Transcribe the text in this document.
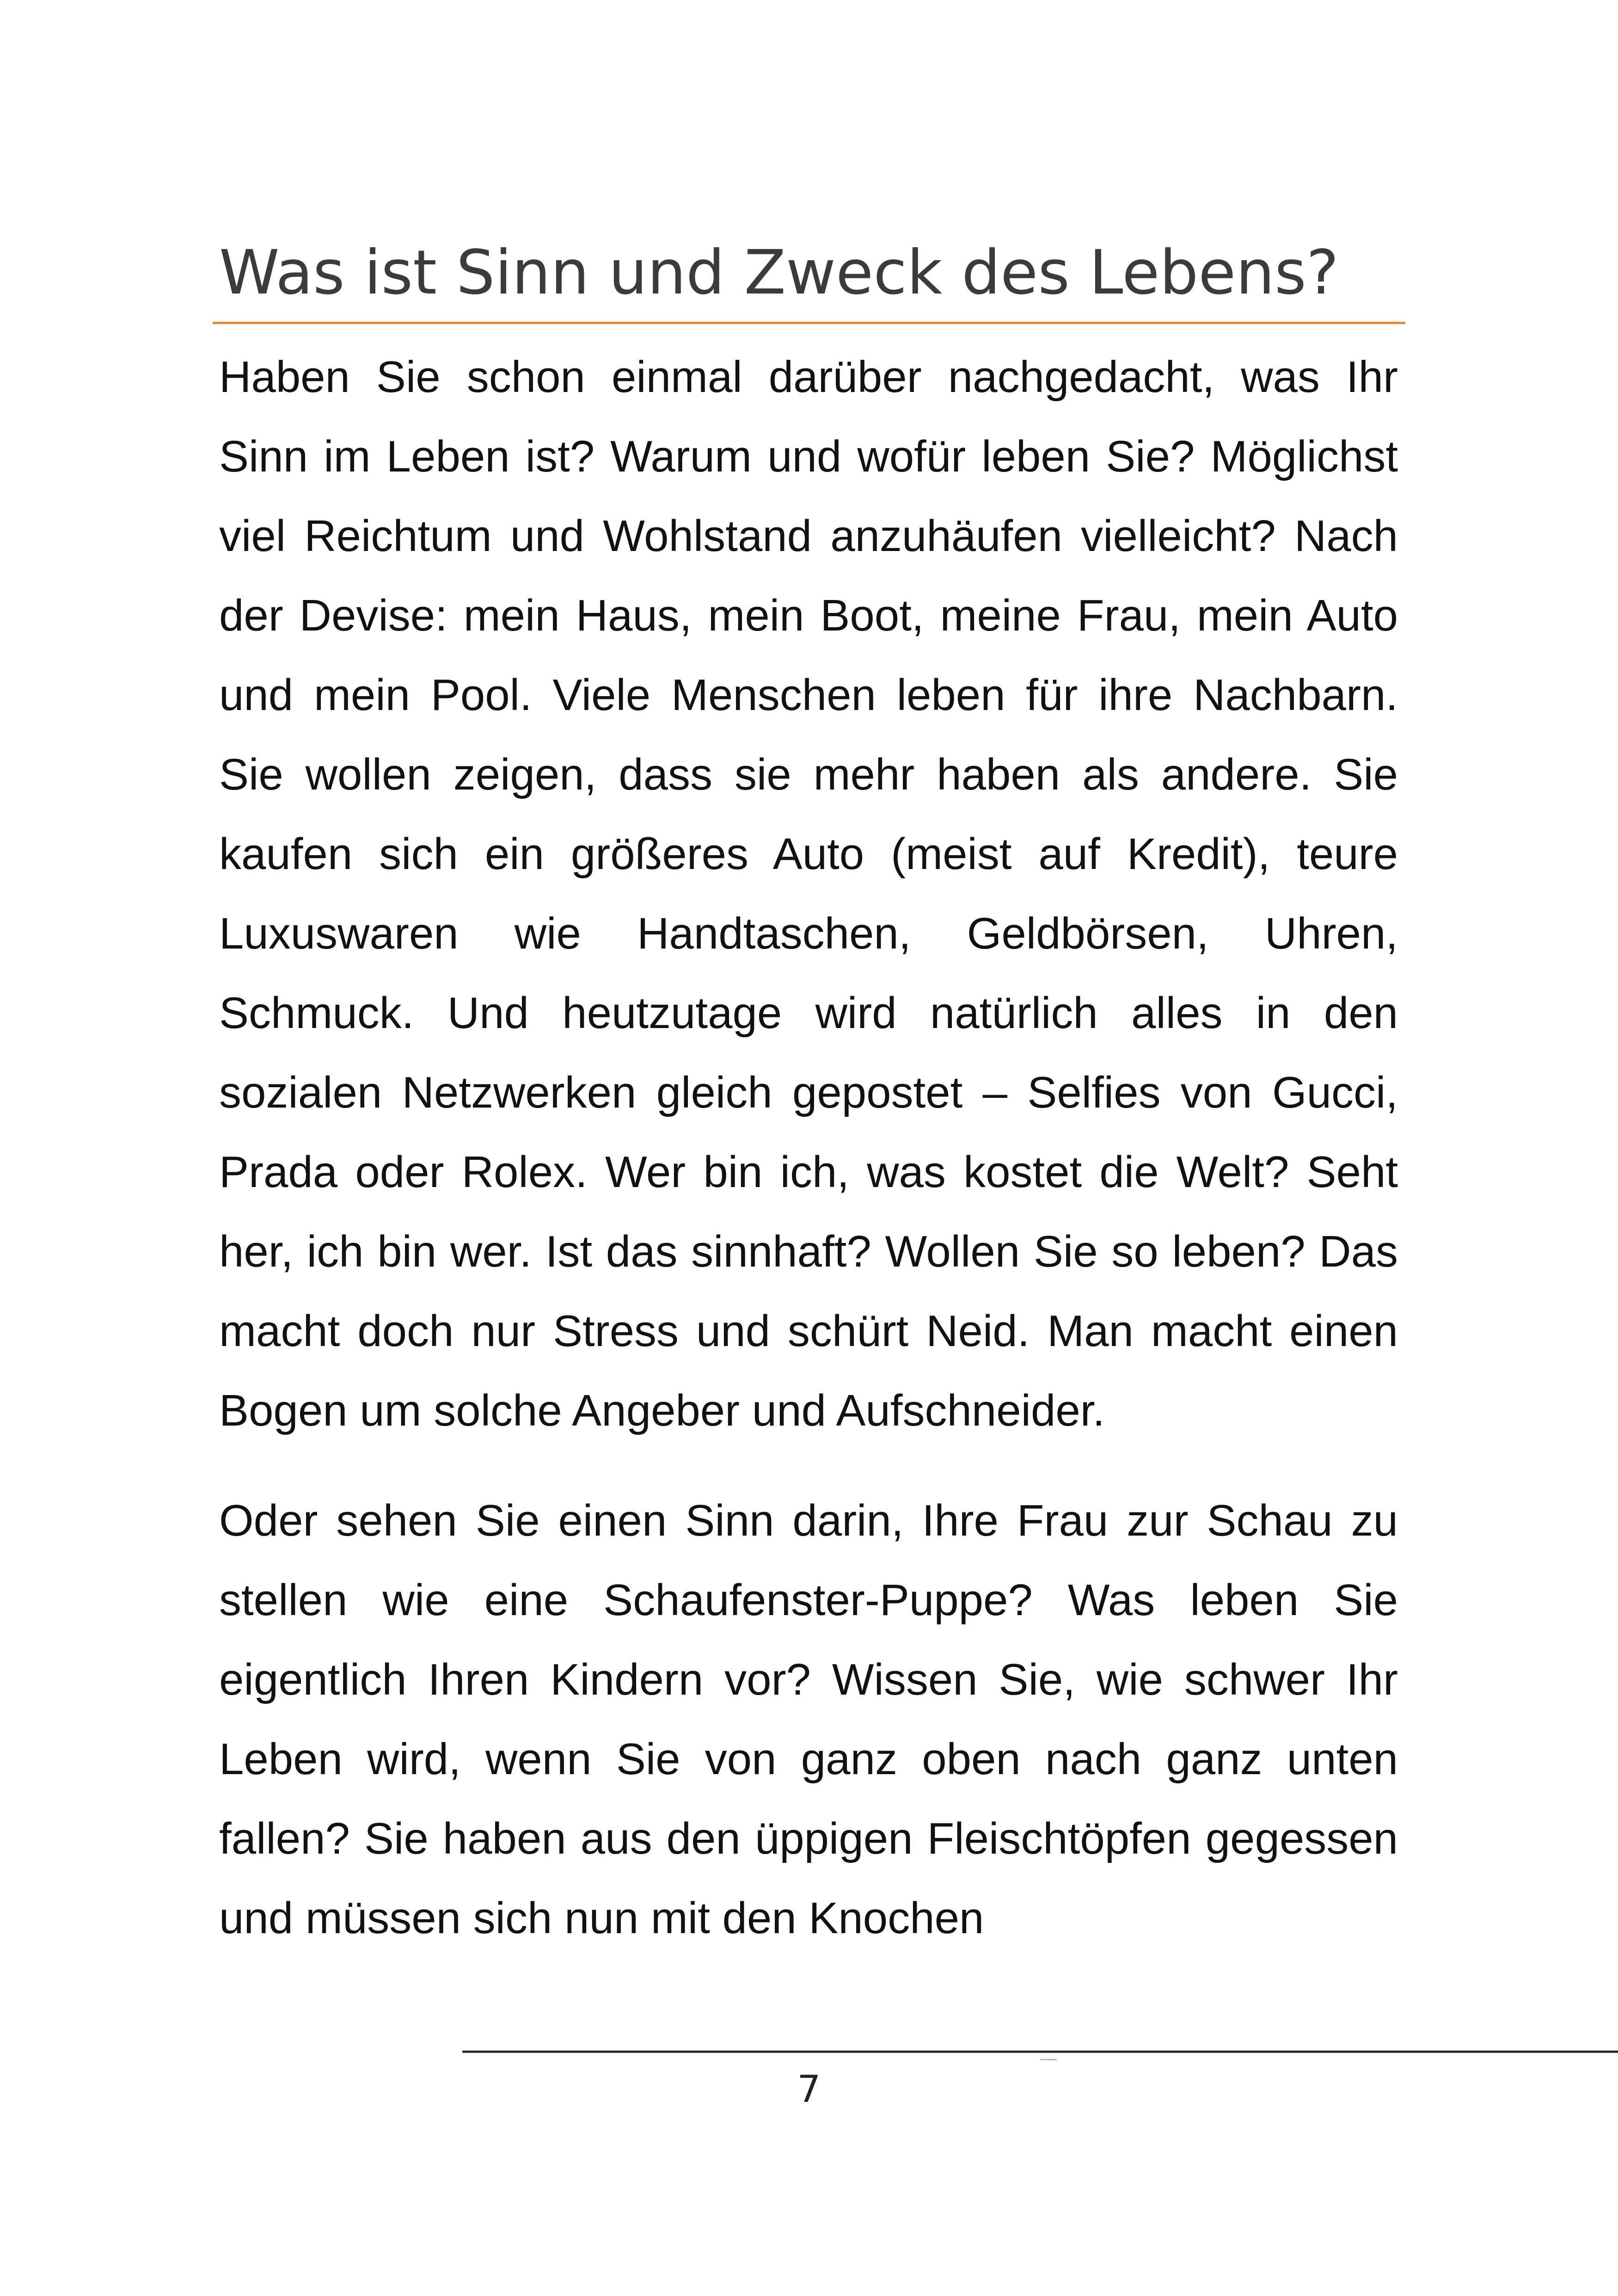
Was ist Sinn und Zweck des Lebens?

Haben Sie schon einmal darüber nachgedacht, was Ihr Sinn im Leben ist? Warum und wofür leben Sie? Möglichst viel Reichtum und Wohlstand anzuhäufen vielleicht? Nach der Devise: mein Haus, mein Boot, meine Frau, mein Auto und mein Pool. Viele Menschen leben für ihre Nachbarn. Sie wollen zeigen, dass sie mehr haben als andere. Sie kaufen sich ein größeres Auto (meist auf Kredit), teure Luxuswaren wie Handtaschen, Geldbörsen, Uhren, Schmuck. Und heutzutage wird natürlich alles in den sozialen Netzwerken gleich gepostet – Selfies von Gucci, Prada oder Rolex. Wer bin ich, was kostet die Welt? Seht her, ich bin wer. Ist das sinnhaft? Wollen Sie so leben? Das macht doch nur Stress und schürt Neid. Man macht einen Bogen um solche Angeber und Aufschneider.

Oder sehen Sie einen Sinn darin, Ihre Frau zur Schau zu stellen wie eine Schaufenster-Puppe? Was leben Sie eigentlich Ihren Kindern vor? Wissen Sie, wie schwer Ihr Leben wird, wenn Sie von ganz oben nach ganz unten fallen? Sie haben aus den üppigen Fleischtöpfen gegessen und müssen sich nun mit den Knochen

7
